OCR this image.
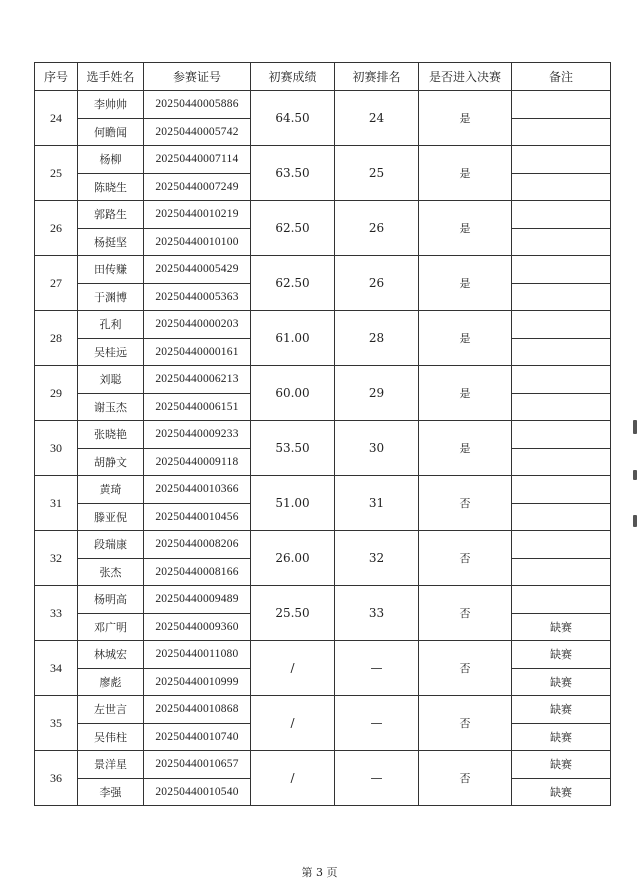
序号	选手姓名	参赛证号	初赛成绩	初赛排名	是否进入决赛	备注
24	李帅帅	20250440005886	64.50	24	是	
	何瞻闻	20250440005742				
25	杨柳	20250440007114	63.50	25	是	
	陈晓生	20250440007249				
26	郭路生	20250440010219	62.50	26	是	
	杨挺坚	20250440010100				
27	田传赚	20250440005429	62.50	26	是	
	于渊博	20250440005363				
28	孔利	20250440000203	61.00	28	是	
	吴桂远	20250440000161				
29	刘聪	20250440006213	60.00	29	是	
	谢玉杰	20250440006151				
30	张晓艳	20250440009233	53.50	30	是	
	胡静文	20250440009118				
31	黄琦	20250440010366	51.00	31	否	
	滕亚倪	20250440010456				
32	段瑞康	20250440008206	26.00	32	否	
	张杰	20250440008166				
33	杨明高	20250440009489	25.50	33	否	
	邓广明	20250440009360				缺赛
34	林城宏	20250440011080	/	—	否	缺赛
	廖彪	20250440010999				缺赛
35	左世言	20250440010868	/	—	否	缺赛
	吴伟柱	20250440010740				缺赛
36	景洋星	20250440010657	/	—	否	缺赛
	李强	20250440010540				缺赛
第 3 页
